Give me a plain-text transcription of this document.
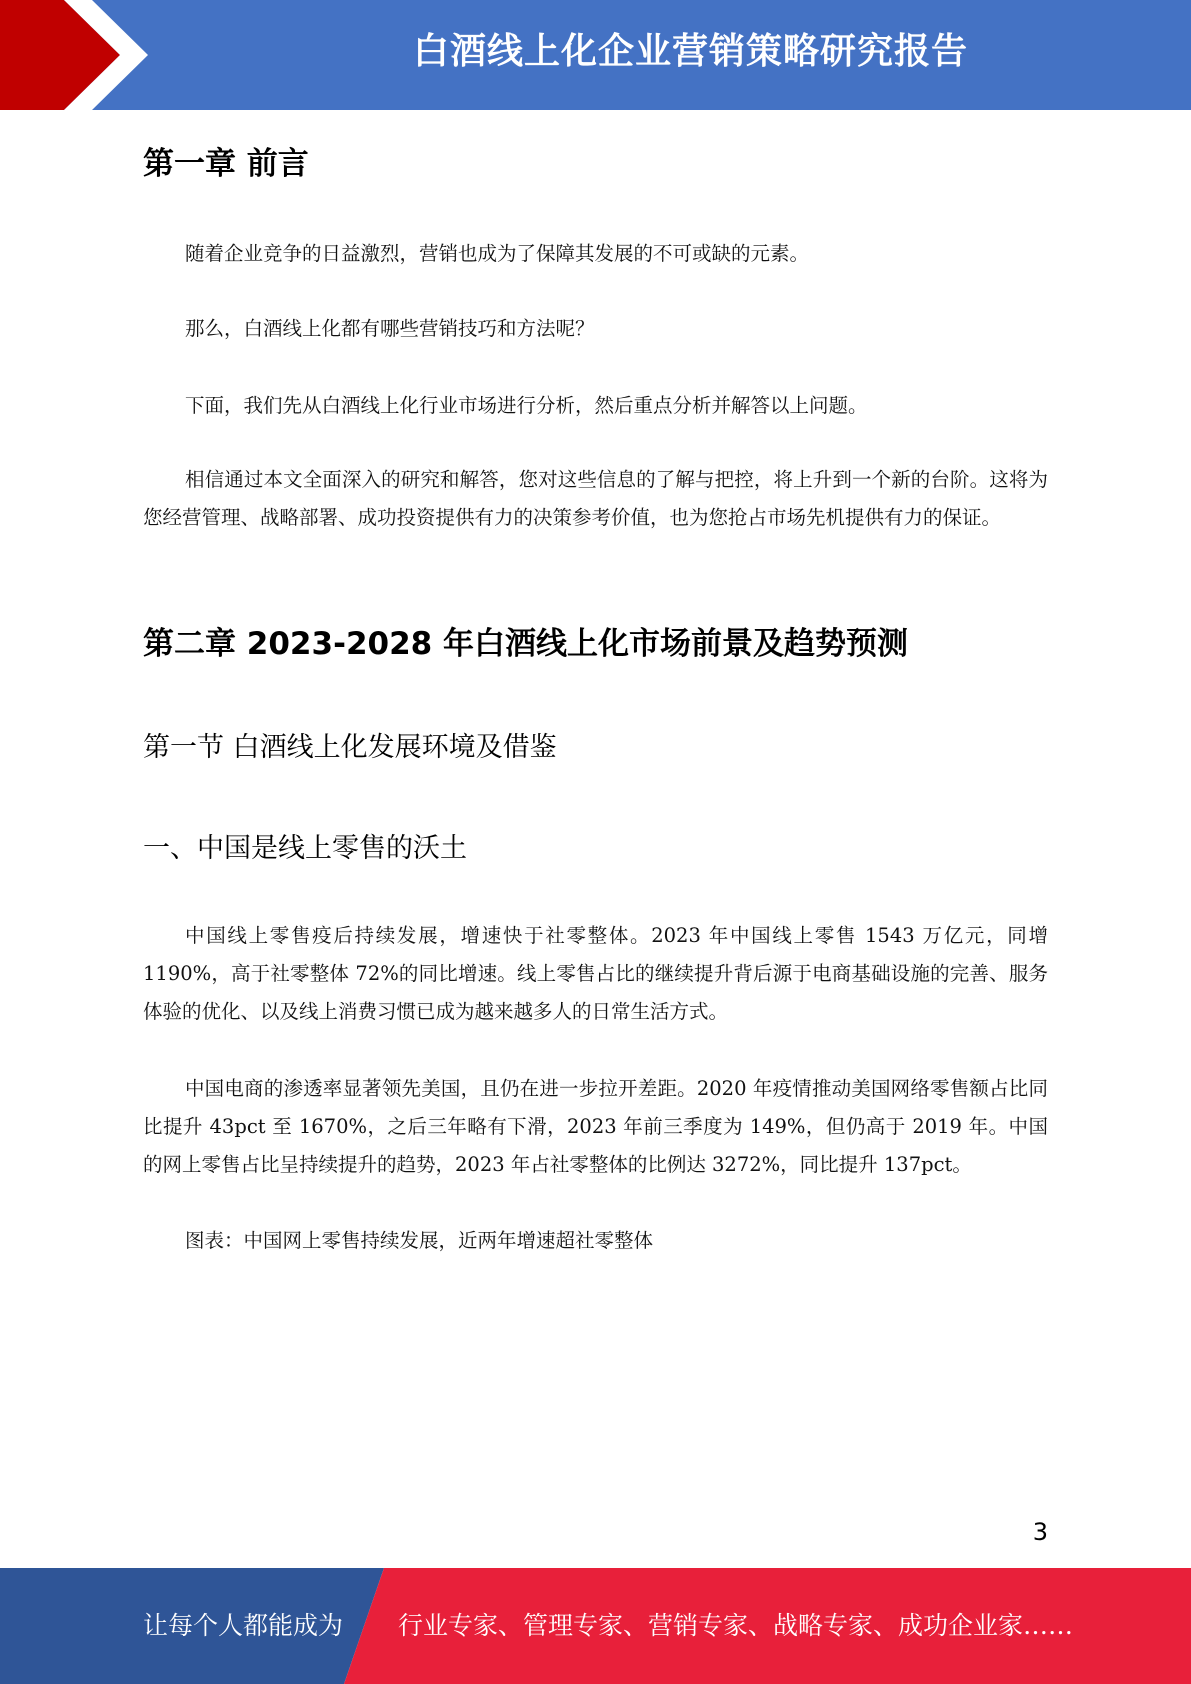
白酒线上化企业营销策略研究报告
第一章 前言

随着企业竞争的日益激烈，营销也成为了保障其发展的不可或缺的元素。

那么，白酒线上化都有哪些营销技巧和方法呢？

下面，我们先从白酒线上化行业市场进行分析，然后重点分析并解答以上问题。

相信通过本文全面深入的研究和解答，您对这些信息的了解与把控，将上升到一个新的台阶。这将为您经营管理、战略部署、成功投资提供有力的决策参考价值，也为您抢占市场先机提供有力的保证。

第二章 2023-2028 年白酒线上化市场前景及趋势预测
第一节 白酒线上化发展环境及借鉴
一、中国是线上零售的沃土

中国线上零售疫后持续发展，增速快于社零整体。2023 年中国线上零售 1543 万亿元，同增 1190%，高于社零整体 72%的同比增速。线上零售占比的继续提升背后源于电商基础设施的完善、服务体验的优化、以及线上消费习惯已成为越来越多人的日常生活方式。

中国电商的渗透率显著领先美国，且仍在进一步拉开差距。2020 年疫情推动美国网络零售额占比同比提升 43pct 至 1670%，之后三年略有下滑，2023 年前三季度为 149%，但仍高于 2019 年。中国的网上零售占比呈持续提升的趋势，2023 年占社零整体的比例达 3272%，同比提升 137pct。

图表：中国网上零售持续发展，近两年增速超社零整体

3
让每个人都能成为 行业专家、管理专家、营销专家、战略专家、成功企业家……
